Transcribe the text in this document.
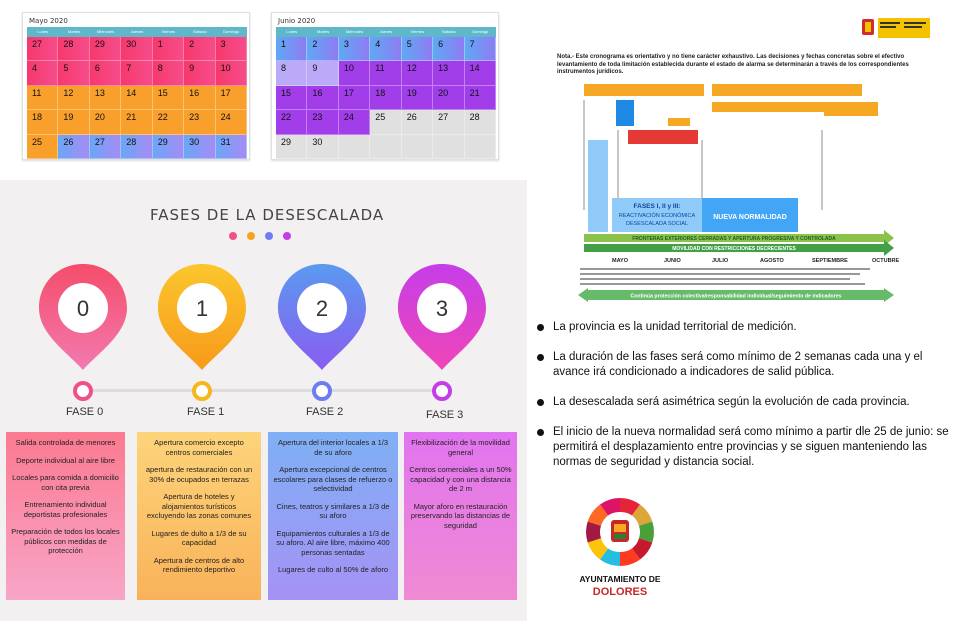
Mayo 2020
Lunes	Martes	Miércoles	Jueves	Viernes	Sábado	Domingo
27	28	29	30	1	2	3
4	5	6	7	8	9	10
11	12	13	14	15	16	17
18	19	20	21	22	23	24
25	26	27	28	29	30	31
Junio 2020
Lunes	Martes	Miércoles	Jueves	Viernes	Sábado	Domingo
1	2	3	4	5	6	7
8	9	10	11	12	13	14
15	16	17	18	19	20	21
22	23	24	25	26	27	28
29	30
FASES DE LA DESESCALADA
0	1	2	3
FASE 0	FASE 1	FASE 2	FASE 3

Salida controlada de menores

Deporte individual al aire libre

Locales para comida a domicilio con cita previa

Entrenamiento individual deportistas profesionales

Preparación de todos los locales públicos con medidas de protección

Apertura comercio excepto centros comerciales

apertura de restauración con un 30% de ocupados en terrazas

Apertura de hoteles y alojamientos turísticos excluyendo las zonas comunes

Lugares de dulto a 1/3 de su capacidad

Apertura de centros de alto rendimiento deportivo

Apertura del interior locales a 1/3 de su aforo

Apertura excepcional de centros escolares para clases de refuerzo o selectividad

Cines, teatros y similares a 1/3 de su aforo

Equipamientos culturales a 1/3 de su aforo. Al aire libre, máximo 400 personas sentadas

Lugares de culto al 50% de aforo

Flexibilización de la movilidad general

Centros comerciales a un 50% capacidad y con una distancia de 2 m

Mayor aforo en restauración preservando las distancias de seguridad

Nota.- Este cronograma es orientativo y no tiene carácter exhaustivo. Las decisiones y fechas concretas sobre el efectivo levantamiento de toda limitación establecida durante el estado de alarma se determinarán a través de los correspondientes instrumentos jurídicos.
FASES I, II y III:
REACTIVACIÓN ECONÓMICA
DESESCALADA SOCIAL
NUEVA NORMALIDAD
FRONTERAS EXTERIORES CERRADAS Y APERTURA PROGRESIVA Y CONTROLADA
MOVILIDAD CON RESTRICCIONES DECRECIENTES
MAYO	JUNIO	JULIO	AGOSTO	SEPTIEMBRE	OCTUBRE
Continúa protección colectiva/responsabilidad individual/seguimiento de indicadores
La provincia es la unidad territorial de medición.
La duración de las fases será como mínimo de 2 semanas cada una y el avance irá condicionado a indicadores de salid pública.
La desescalada será asimétrica según la evolución de cada provincia.
El inicio de la nueva normalidad será como mínimo a partir dle 25 de junio: se permitirá el desplazamiento entre provincias y se siguen manteniendo las normas de seguridad y distancia social.
AYUNTAMIENTO DE
DOLORES
